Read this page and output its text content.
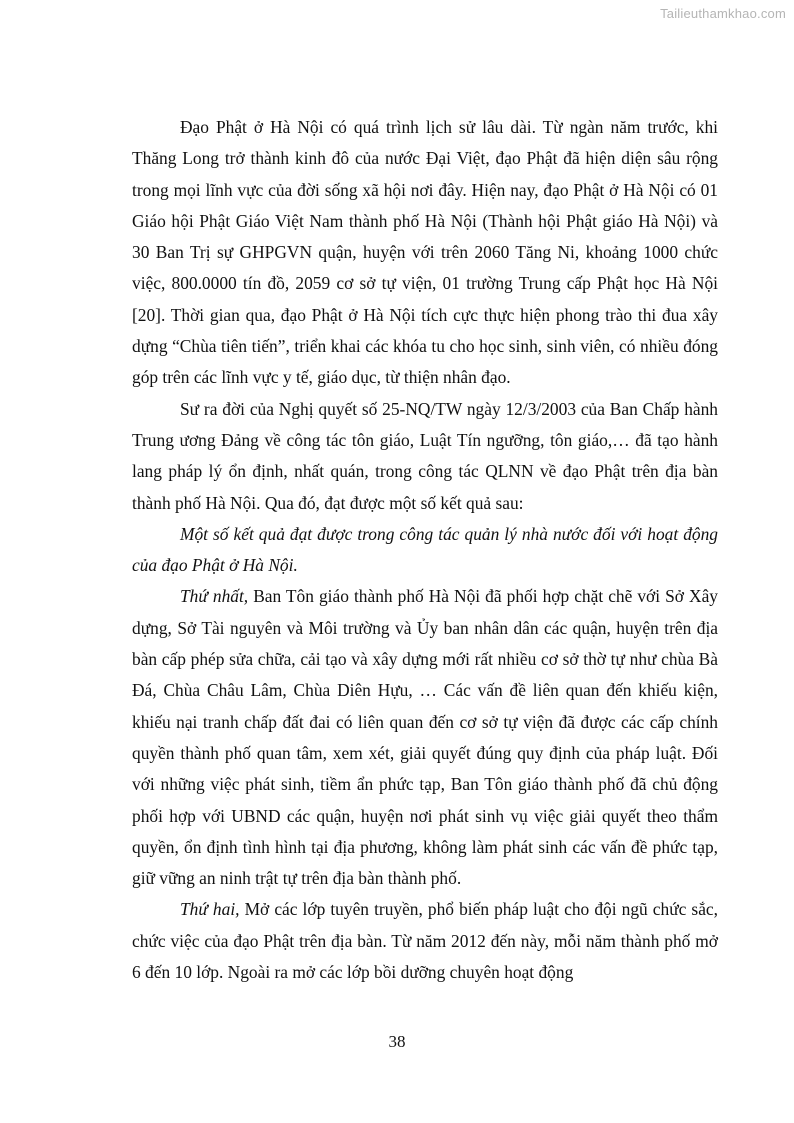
Tailieuthamkhao.com

Đạo Phật ở Hà Nội có quá trình lịch sử lâu dài. Từ ngàn năm trước, khi Thăng Long trở thành kinh đô của nước Đại Việt, đạo Phật đã hiện diện sâu rộng trong mọi lĩnh vực của đời sống xã hội nơi đây. Hiện nay, đạo Phật ở Hà Nội có 01 Giáo hội Phật Giáo Việt Nam thành phố Hà Nội (Thành hội Phật giáo Hà Nội) và 30 Ban Trị sự GHPGVN quận, huyện với trên 2060 Tăng Ni, khoảng 1000 chức việc, 800.0000 tín đồ, 2059 cơ sở tự viện, 01 trường Trung cấp Phật học Hà Nội [20]. Thời gian qua, đạo Phật ở Hà Nội tích cực thực hiện phong trào thi đua xây dựng “Chùa tiên tiến”, triển khai các khóa tu cho học sinh, sinh viên, có nhiều đóng góp trên các lĩnh vực y tế, giáo dục, từ thiện nhân đạo.

Sư ra đời của Nghị quyết số 25-NQ/TW ngày 12/3/2003 của Ban Chấp hành Trung ương Đảng về công tác tôn giáo, Luật Tín ngưỡng, tôn giáo,… đã tạo hành lang pháp lý ổn định, nhất quán, trong công tác QLNN về đạo Phật trên địa bàn thành phố Hà Nội. Qua đó, đạt được một số kết quả sau:

Một số kết quả đạt được trong công tác quản lý nhà nước đối với hoạt động của đạo Phật ở Hà Nội.

Thứ nhất, Ban Tôn giáo thành phố Hà Nội đã phối hợp chặt chẽ với Sở Xây dựng, Sở Tài nguyên và Môi trường và Ủy ban nhân dân các quận, huyện trên địa bàn cấp phép sửa chữa, cải tạo và xây dựng mới rất nhiều cơ sở thờ tự như chùa Bà Đá, Chùa Châu Lâm, Chùa Diên Hựu, … Các vấn đề liên quan đến khiếu kiện, khiếu nại tranh chấp đất đai có liên quan đến cơ sở tự viện đã được các cấp chính quyền thành phố quan tâm, xem xét, giải quyết đúng quy định của pháp luật. Đối với những việc phát sinh, tiềm ẩn phức tạp, Ban Tôn giáo thành phố đã chủ động phối hợp với UBND các quận, huyện nơi phát sinh vụ việc giải quyết theo thẩm quyền, ổn định tình hình tại địa phương, không làm phát sinh các vấn đề phức tạp, giữ vững an ninh trật tự trên địa bàn thành phố.

Thứ hai, Mở các lớp tuyên truyền, phổ biến pháp luật cho đội ngũ chức sắc, chức việc của đạo Phật trên địa bàn. Từ năm 2012 đến này, mỗi năm thành phố mở 6 đến 10 lớp. Ngoài ra mở các lớp bồi dưỡng chuyên hoạt động

38
